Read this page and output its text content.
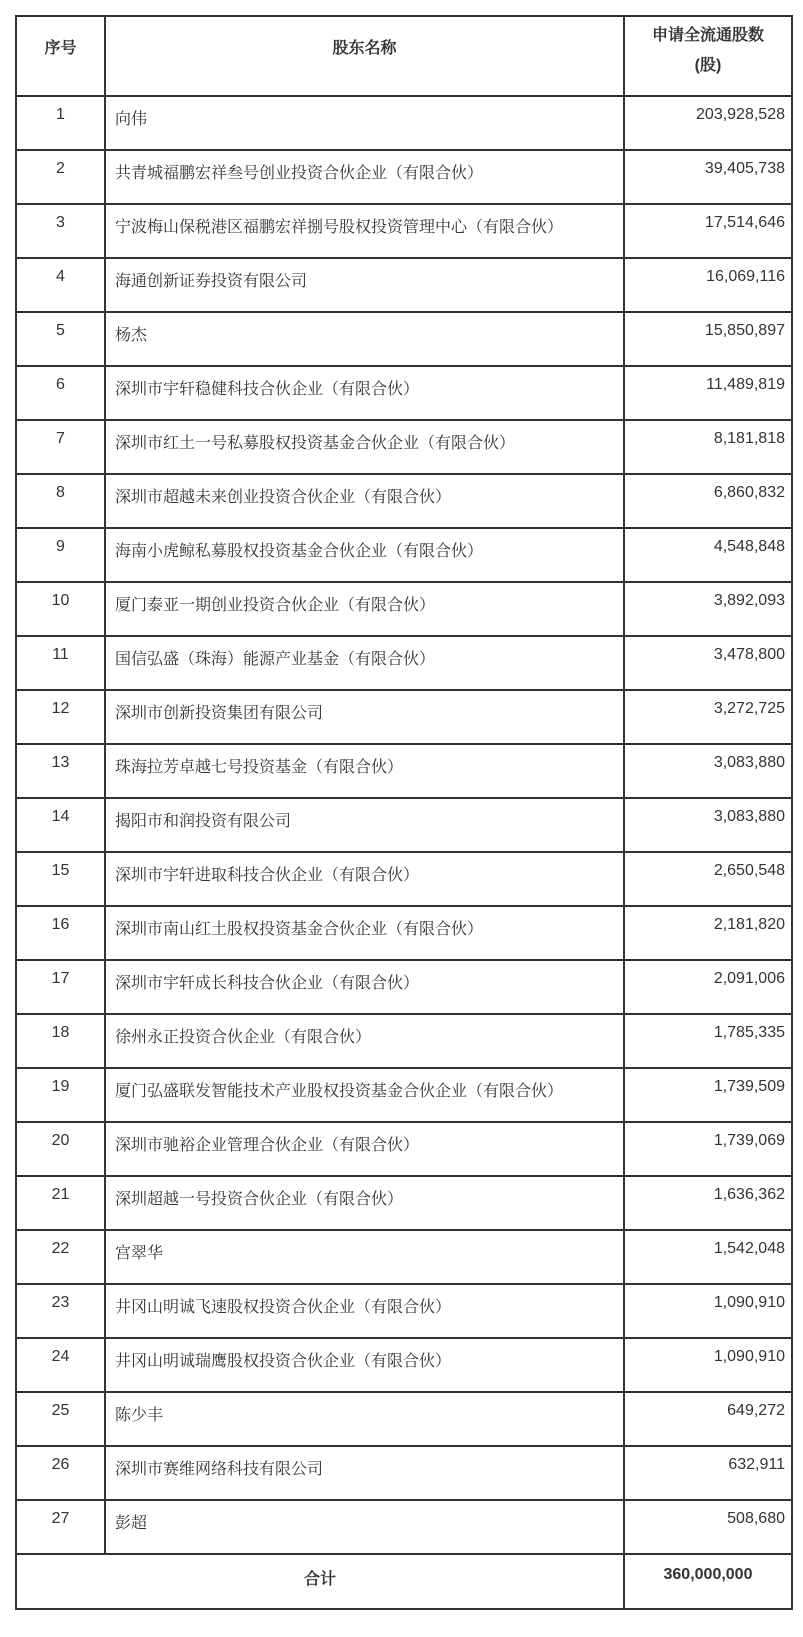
序号	股东名称	申请全流通股数
(股)

1	向伟	203,928,528
2	共青城福鹏宏祥叁号创业投资合伙企业（有限合伙）	39,405,738
3	宁波梅山保税港区福鹏宏祥捌号股权投资管理中心（有限合伙）	17,514,646
4	海通创新证券投资有限公司	16,069,116
5	杨杰	15,850,897
6	深圳市宇轩稳健科技合伙企业（有限合伙）	11,489,819
7	深圳市红土一号私募股权投资基金合伙企业（有限合伙）	8,181,818
8	深圳市超越未来创业投资合伙企业（有限合伙）	6,860,832
9	海南小虎鲸私募股权投资基金合伙企业（有限合伙）	4,548,848
10	厦门泰亚一期创业投资合伙企业（有限合伙）	3,892,093
11	国信弘盛（珠海）能源产业基金（有限合伙）	3,478,800
12	深圳市创新投资集团有限公司	3,272,725
13	珠海拉芳卓越七号投资基金（有限合伙）	3,083,880
14	揭阳市和润投资有限公司	3,083,880
15	深圳市宇轩进取科技合伙企业（有限合伙）	2,650,548
16	深圳市南山红土股权投资基金合伙企业（有限合伙）	2,181,820
17	深圳市宇轩成长科技合伙企业（有限合伙）	2,091,006
18	徐州永正投资合伙企业（有限合伙）	1,785,335
19	厦门弘盛联发智能技术产业股权投资基金合伙企业（有限合伙）	1,739,509
20	深圳市驰裕企业管理合伙企业（有限合伙）	1,739,069
21	深圳超越一号投资合伙企业（有限合伙）	1,636,362
22	宫翠华	1,542,048
23	井冈山明诚飞速股权投资合伙企业（有限合伙）	1,090,910
24	井冈山明诚瑞鹰股权投资合伙企业（有限合伙）	1,090,910
25	陈少丰	649,272
26	深圳市赛维网络科技有限公司	632,911
27	彭超	508,680
合计		360,000,000
